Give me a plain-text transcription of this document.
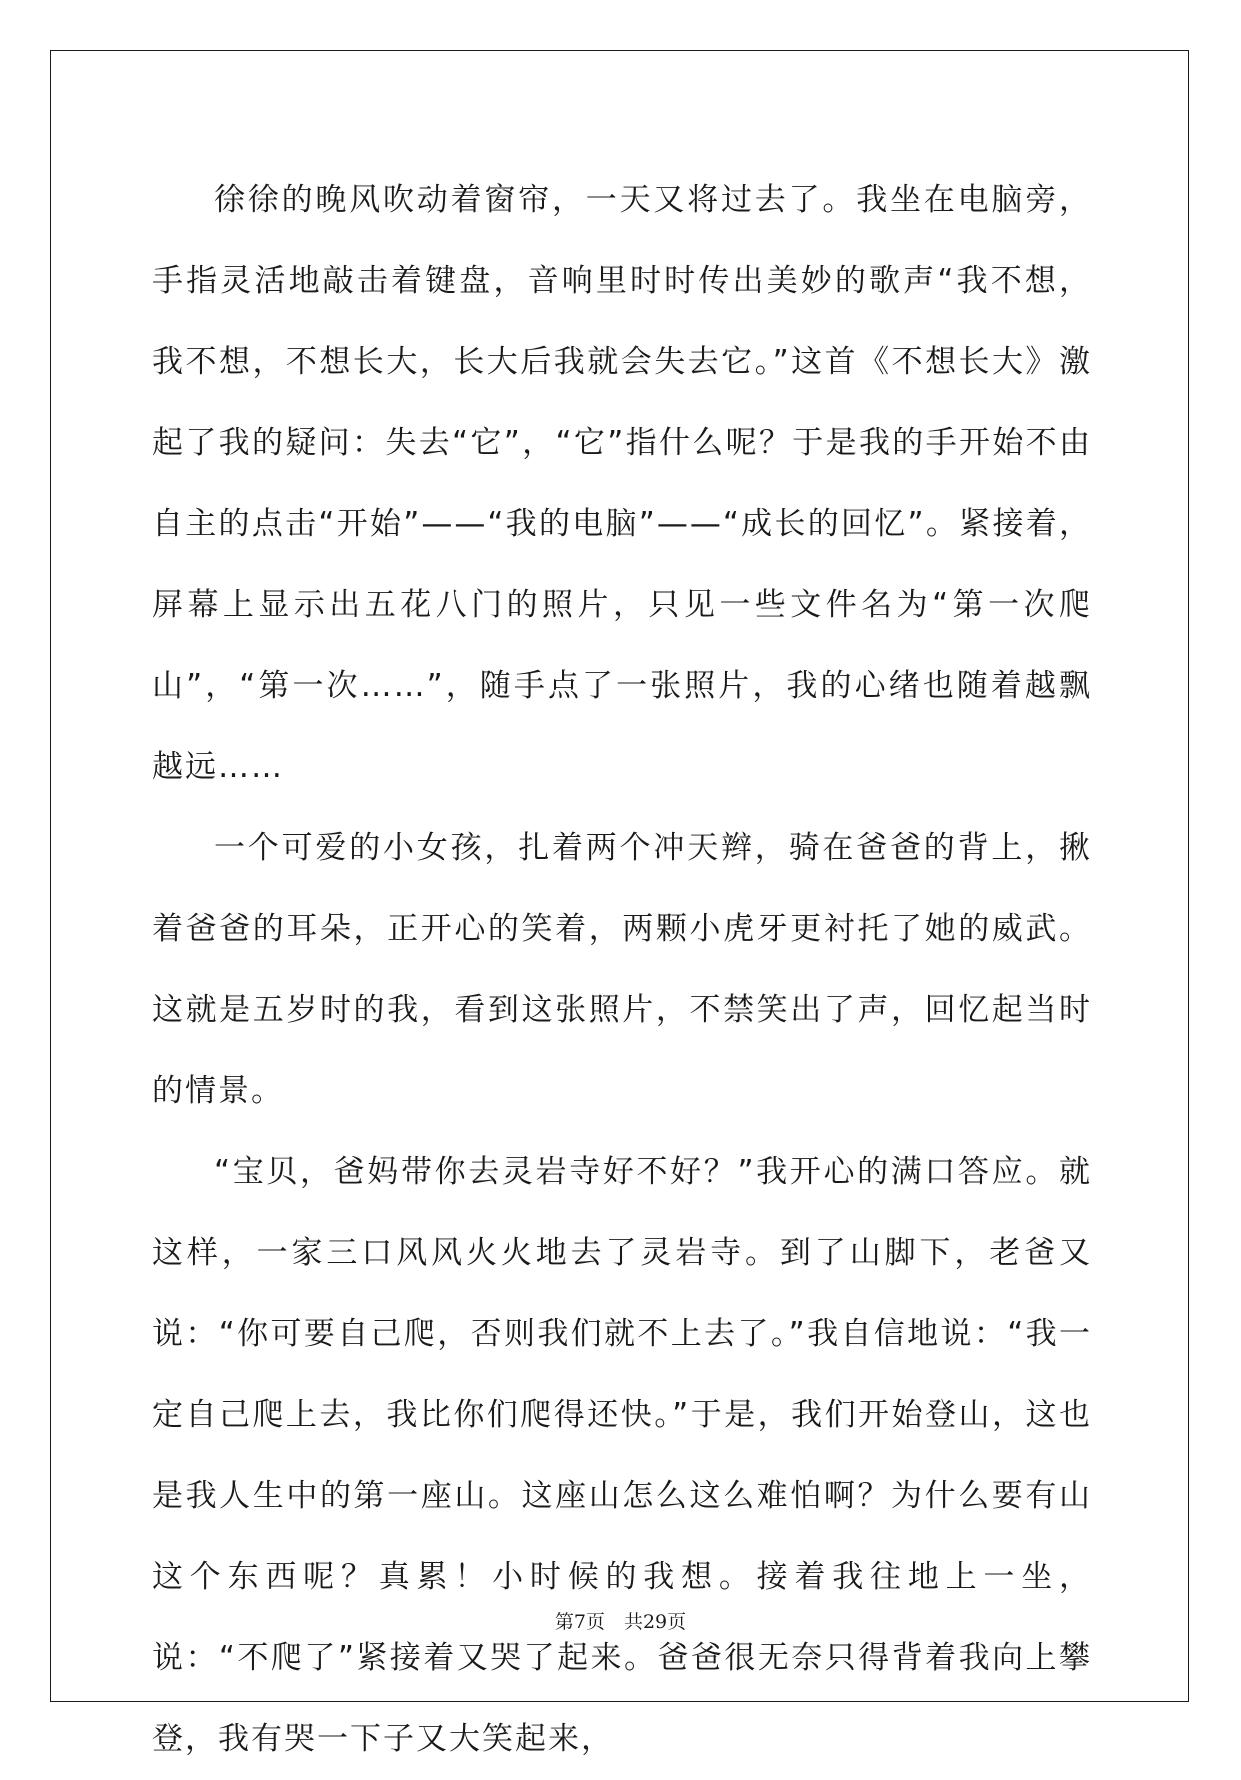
徐徐的晚风吹动着窗帘，一天又将过去了。我坐在电脑旁，手指灵活地敲击着键盘，音响里时时传出美妙的歌声“我不想，我不想，不想长大，长大后我就会失去它。”这首《不想长大》激起了我的疑问：失去“它”，“它”指什么呢？于是我的手开始不由自主的点击“开始”——“我的电脑”——“成长的回忆”。紧接着，屏幕上显示出五花八门的照片，只见一些文件名为“第一次爬山”，“第一次……”，随手点了一张照片，我的心绪也随着越飘越远……

一个可爱的小女孩，扎着两个冲天辫，骑在爸爸的背上，揪着爸爸的耳朵，正开心的笑着，两颗小虎牙更衬托了她的威武。这就是五岁时的我，看到这张照片，不禁笑出了声，回忆起当时的情景。

“宝贝，爸妈带你去灵岩寺好不好？”我开心的满口答应。就这样，一家三口风风火火地去了灵岩寺。到了山脚下，老爸又说：“你可要自己爬，否则我们就不上去了。”我自信地说：“我一定自己爬上去，我比你们爬得还快。”于是，我们开始登山，这也是我人生中的第一座山。这座山怎么这么难怕啊？为什么要有山这个东西呢？真累！小时候的我想。接着我往地上一坐，说：“不爬了”紧接着又哭了起来。爸爸很无奈只得背着我向上攀登，我有哭一下子又大笑起来，

第7页　共29页
